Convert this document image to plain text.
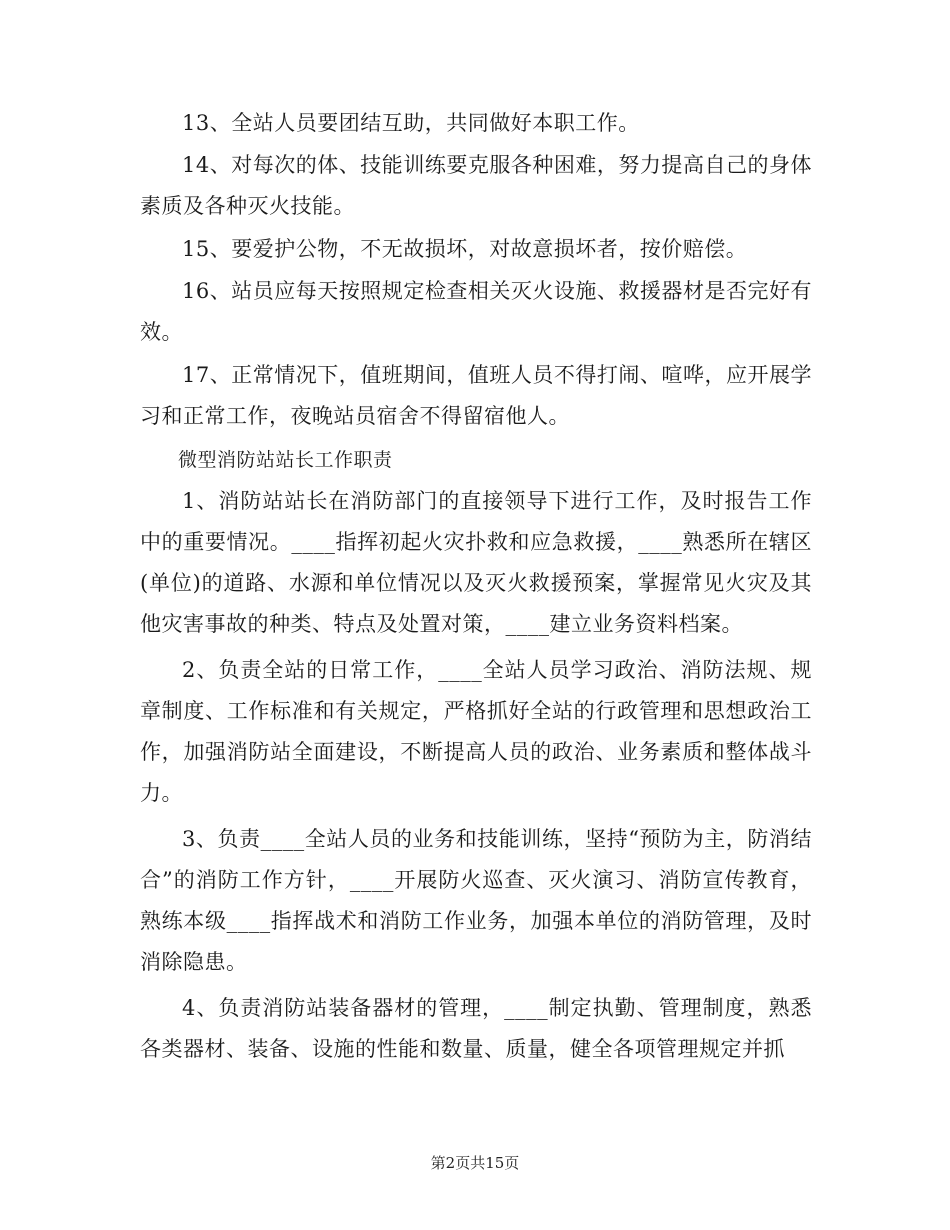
13、全站人员要团结互助，共同做好本职工作。

14、对每次的体、技能训练要克服各种困难，努力提高自己的身体素质及各种灭火技能。

15、要爱护公物，不无故损坏，对故意损坏者，按价赔偿。

16、站员应每天按照规定检查相关灭火设施、救援器材是否完好有效。

17、正常情况下，值班期间，值班人员不得打闹、喧哗，应开展学习和正常工作，夜晚站员宿舍不得留宿他人。

微型消防站站长工作职责

1、消防站站长在消防部门的直接领导下进行工作，及时报告工作中的重要情况。____指挥初起火灾扑救和应急救援，____熟悉所在辖区(单位)的道路、水源和单位情况以及灭火救援预案，掌握常见火灾及其他灾害事故的种类、特点及处置对策，____建立业务资料档案。

2、负责全站的日常工作，____全站人员学习政治、消防法规、规章制度、工作标准和有关规定，严格抓好全站的行政管理和思想政治工作，加强消防站全面建设，不断提高人员的政治、业务素质和整体战斗力。

3、负责____全站人员的业务和技能训练，坚持“预防为主，防消结合”的消防工作方针，____开展防火巡查、灭火演习、消防宣传教育，熟练本级____指挥战术和消防工作业务，加强本单位的消防管理，及时消除隐患。

4、负责消防站装备器材的管理，____制定执勤、管理制度，熟悉各类器材、装备、设施的性能和数量、质量，健全各项管理规定并抓

第2页共15页
